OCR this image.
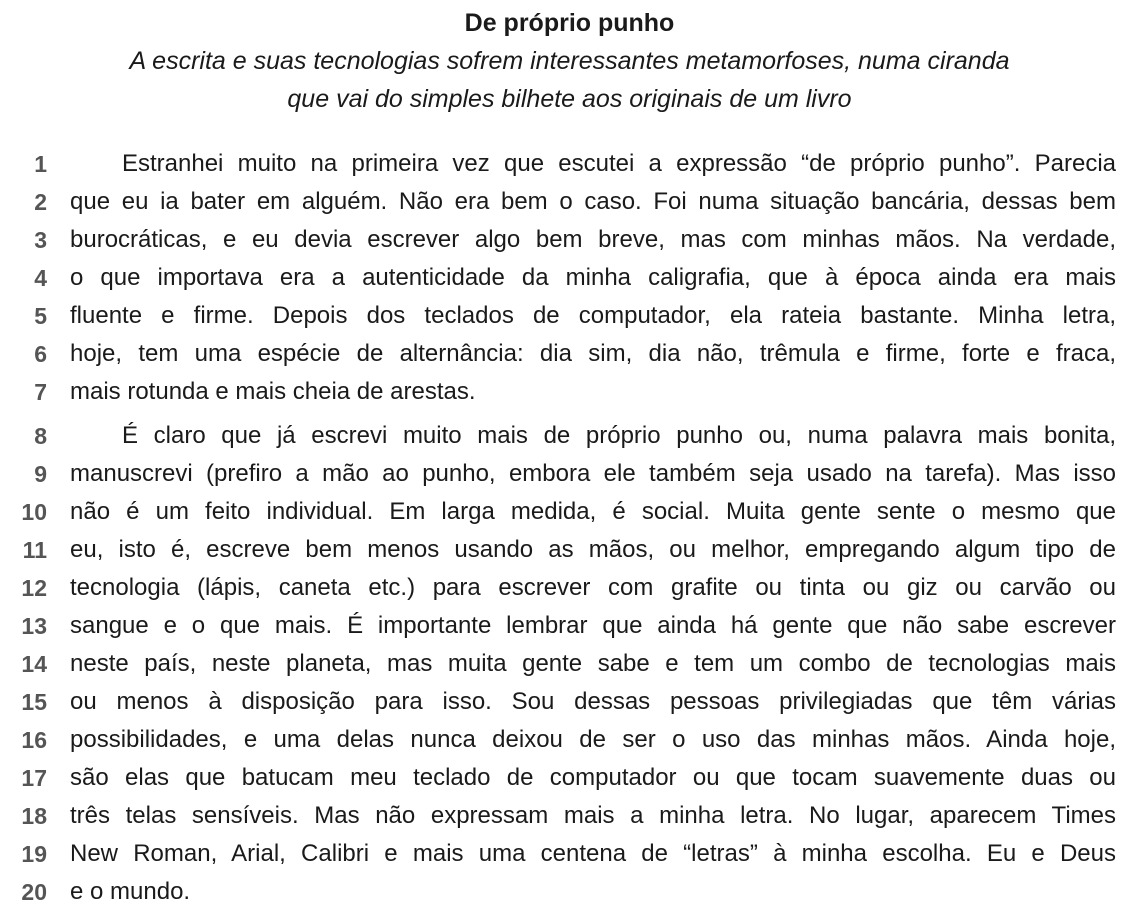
De próprio punho
A escrita e suas tecnologias sofrem interessantes metamorfoses, numa ciranda
que vai do simples bilhete aos originais de um livro
1	Estranhei muito na primeira vez que escutei a expressão “de próprio punho”. Parecia
2 que eu ia bater em alguém. Não era bem o caso. Foi numa situação bancária, dessas bem
3 burocráticas, e eu devia escrever algo bem breve, mas com minhas mãos. Na verdade,
4 o que importava era a autenticidade da minha caligrafia, que à época ainda era mais
5 fluente e firme. Depois dos teclados de computador, ela rateia bastante. Minha letra,
6 hoje, tem uma espécie de alternância: dia sim, dia não, trêmula e firme, forte e fraca,
7 mais rotunda e mais cheia de arestas.
8	É claro que já escrevi muito mais de próprio punho ou, numa palavra mais bonita,
9 manuscrevi (prefiro a mão ao punho, embora ele também seja usado na tarefa). Mas isso
10 não é um feito individual. Em larga medida, é social. Muita gente sente o mesmo que
11 eu, isto é, escreve bem menos usando as mãos, ou melhor, empregando algum tipo de
12 tecnologia (lápis, caneta etc.) para escrever com grafite ou tinta ou giz ou carvão ou
13 sangue e o que mais. É importante lembrar que ainda há gente que não sabe escrever
14 neste país, neste planeta, mas muita gente sabe e tem um combo de tecnologias mais
15 ou menos à disposição para isso. Sou dessas pessoas privilegiadas que têm várias
16 possibilidades, e uma delas nunca deixou de ser o uso das minhas mãos. Ainda hoje,
17 são elas que batucam meu teclado de computador ou que tocam suavemente duas ou
18 três telas sensíveis. Mas não expressam mais a minha letra. No lugar, aparecem Times
19 New Roman, Arial, Calibri e mais uma centena de “letras” à minha escolha. Eu e Deus
20 e o mundo.
